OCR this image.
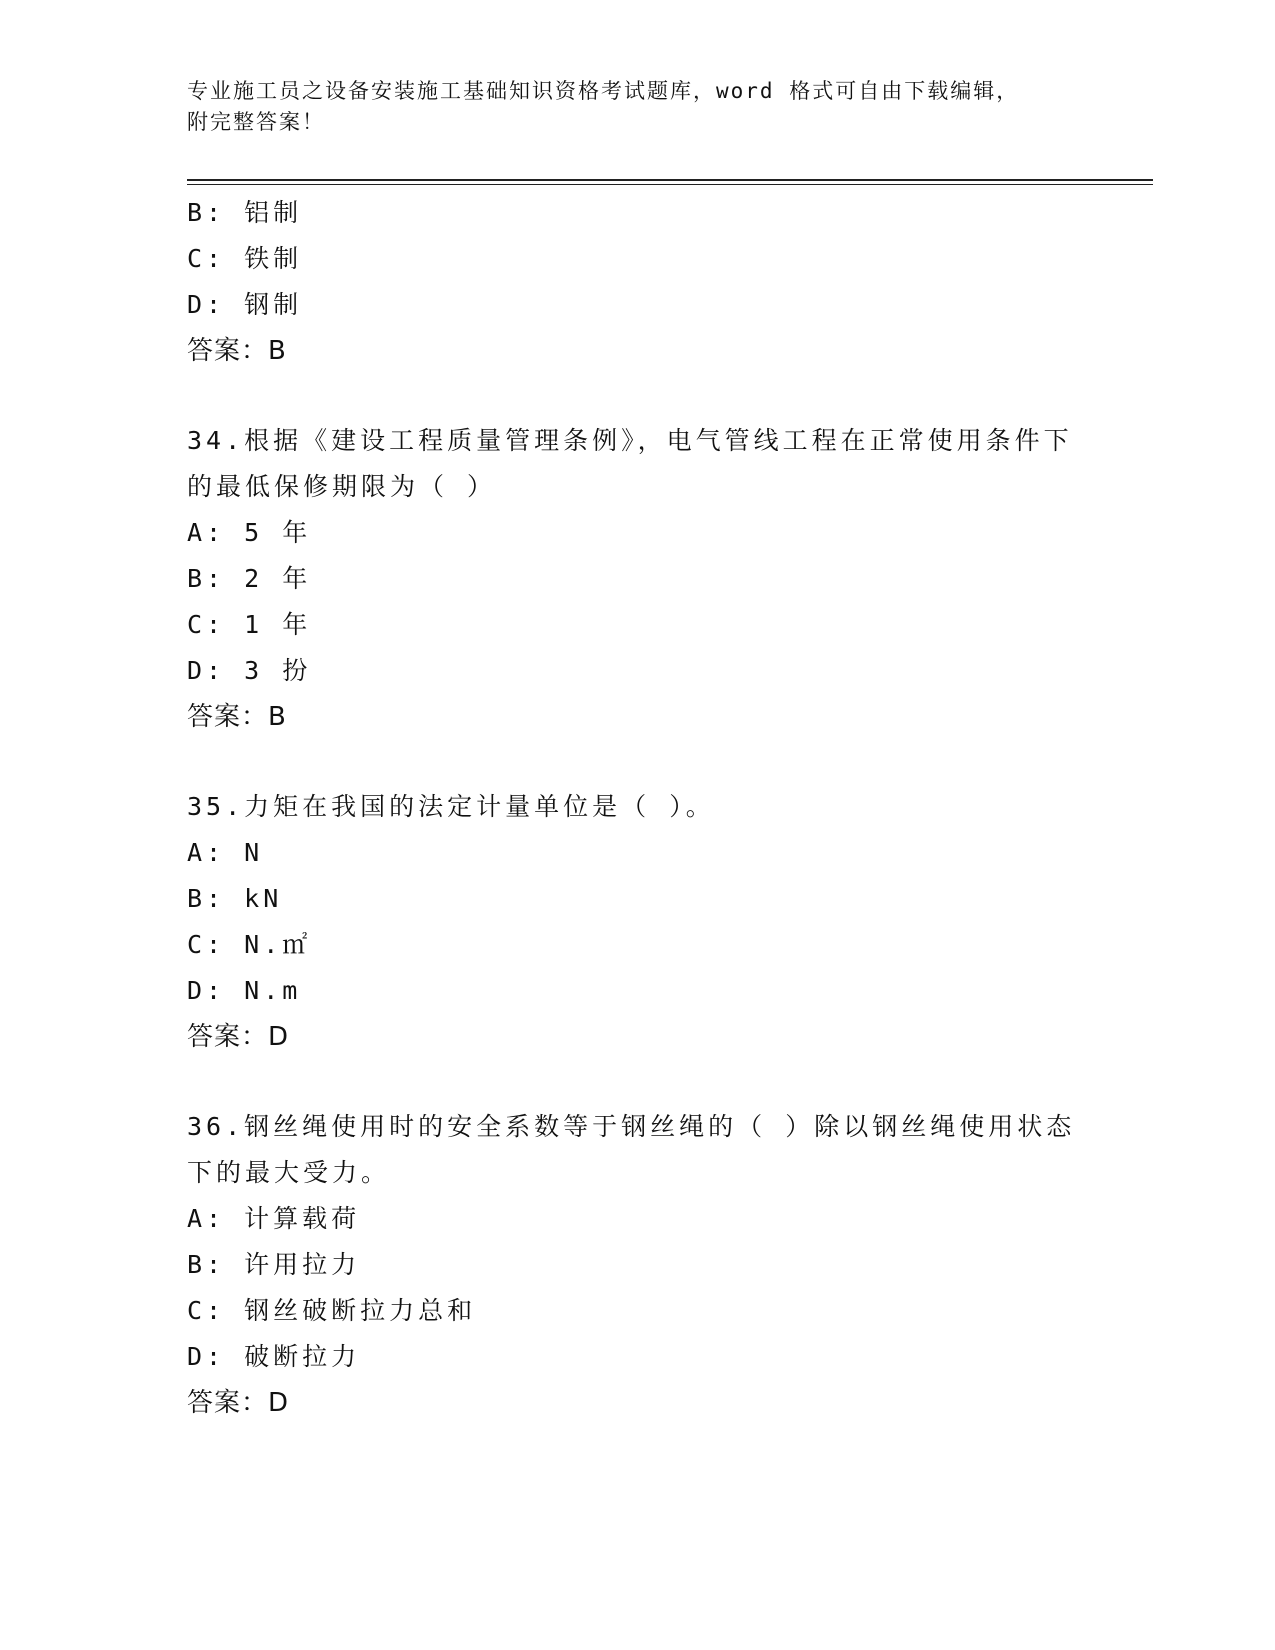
专业施工员之设备安装施工基础知识资格考试题库，word 格式可自由下载编辑，
附完整答案！
B: 铝制
C: 铁制
D: 钢制
答案：B
34.根据《建设工程质量管理条例》，电气管线工程在正常使用条件下
的最低保修期限为（ ）
A: 5 年
B: 2 年
C: 1 年
D: 3 扮
答案：B
35.力矩在我国的法定计量单位是（ ）。
A: N
B: kN
C: N.㎡
D: N.m
答案：D
36.钢丝绳使用时的安全系数等于钢丝绳的（ ）除以钢丝绳使用状态
下的最大受力。
A: 计算载荷
B: 许用拉力
C: 钢丝破断拉力总和
D: 破断拉力
答案：D
